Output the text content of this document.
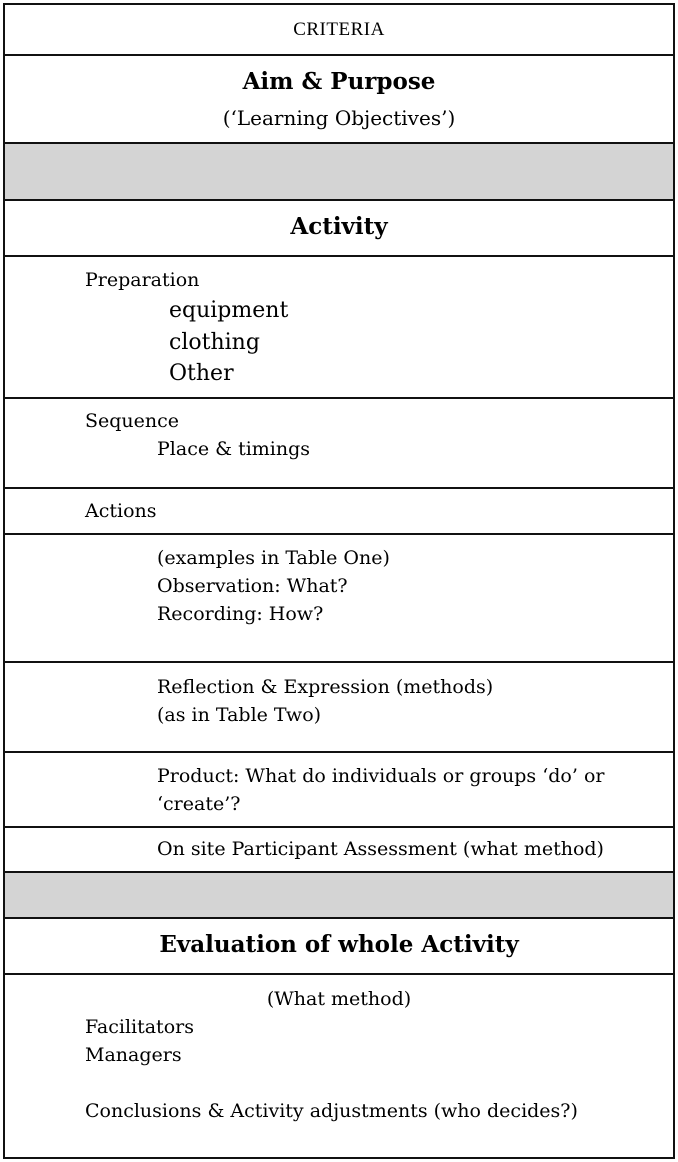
CRITERIA
Aim & Purpose
(‘Learning Objectives’)
Activity
Preparation
equipment
clothing
Other
Sequence
Place & timings
Actions
(examples in Table One)
Observation: What?
Recording: How?
Reflection & Expression (methods)
(as in Table Two)
Product: What do individuals or groups ‘do’ or
‘create’?
On site Participant Assessment (what method)
Evaluation of whole Activity
(What method)
Facilitators
Managers
Conclusions & Activity adjustments (who decides?)
